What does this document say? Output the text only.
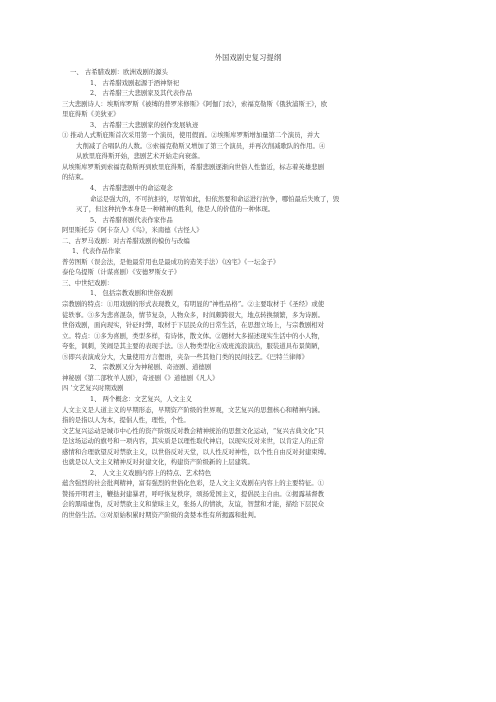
外国戏剧史复习提纲
一、 古希腊戏剧：欧洲戏剧的源头
1、 古希腊戏剧起源于酒神祭祀
2、 古希腊三大悲剧家及其代表作品
三大悲剧诗人：埃斯库罗斯《被缚的普罗米修斯》《阿伽门农》，索福克勒斯《俄狄浦斯王》，欧
里庇得斯《美狄亚》
3、 古希腊三大悲剧家的创作发展轨迹
① 推动人式斯庇斯首次采用第一个演员，使用假面。②埃斯库罗斯增加量第二个演员，并大
大削减了合唱队的人数。③索福克勒斯又增加了第三个演员，并再次削减歌队的作用。④
从欧里庇得斯开始，悲剧艺术开始走向衰落。
从埃斯库罗斯到索福克勒斯再到欧里庇得斯，希腊悲剧逐渐向世俗人性靠近，标志着英雄悲剧
的结束。
4、 古希腊悲剧中的命运观念
命运是强大的，不可抗拒的，尽管如此，但依然要和命运进行抗争，哪怕最后失败了，毁
灭了，但这种抗争本身是一种精神的胜利，他是人的价值的一种体现。
5、 古希腊喜剧代表作家作品
阿里斯托芬《阿卡奈人》《鸟》，米南德《古怪人》
二、古罗马戏剧：对古希腊戏剧的模仿与改编
1、代表作品作家
普劳图斯（误会法，是他最常用也是最成功的造笑手法）《凶宅》《一坛金子》
泰伦乌提斯（计谋喜剧）《安德罗斯女子》
三、中世纪戏剧：
1、 包括宗教戏剧和世俗戏剧
宗教剧的特点：①用戏剧的形式表现教义，有明显的“神性品格”。②主要取材于《圣经》或使
徒轶事。③多为悲喜混杂，情节复杂，人物众多，时间颇跨很大，地点转换频繁，多为诗剧。
世俗戏剧，面向现实，针砭时弊，取材于下层民众的日常生活，在思想立场上，与宗教剧相对
立。特点：①多为喜剧，类型多样，有诗体，散文体。②题材大多描述现实生活中的小人物，
夸张，讽刺，笑闹是其主要的表现手法。③人物类型化④戏班流浪演出，服装道具布景简陋，
⑤即兴表演成分大，大量使用方言俚语，夹杂一些其他门类的民间技艺。《巴特兰律师》
2、 宗教剧又分为神秘剧、奇迹剧、道德剧
神秘剧《第二部牧羊人剧》，奇迹剧《》道德剧《凡人》
四 ‘文艺复兴时期戏剧
1、 两个概念：文艺复兴，人文主义
人文主义是人道主义的早期形态，早期资产阶级的世界观，文艺复兴的思想核心和精神内涵。
指的是指以人为本，提倡人性，理性，个性。
文艺复兴运动是城市中心性的资产阶级反对教会精神统治的思想文化运动，“复兴古典文化”只
是这场运动的旗号和一项内容，其实质是以理性取代神启，以现实反对来世，以肯定人的正常
感情和合理欲望反对禁欲主义，以世俗反对天堂，以人性反对神性，以个性自由反对封建束缚。
也就是以人文主义精神反对封建文化，构建资产阶级新的上层建筑。
2、 人文主义戏剧内容上的特点、艺术特色
蕴含强烈的社会批判精神，富有强烈的世俗化色彩，是人文主义戏剧在内容上的主要特征。①
赞扬开明君主，鞭挞封建暴君，呼吁恢复秩序，颂扬爱国主义，提倡民主自由。②揭露基督教
会的黑暗虚伪，反对禁欲主义和蒙昧主义，张扬人的情欲，友谊，智慧和才能，描绘下层民众
的世俗生活。③对原始积累时期资产阶级的贪婪本性有所揭露和批判。
